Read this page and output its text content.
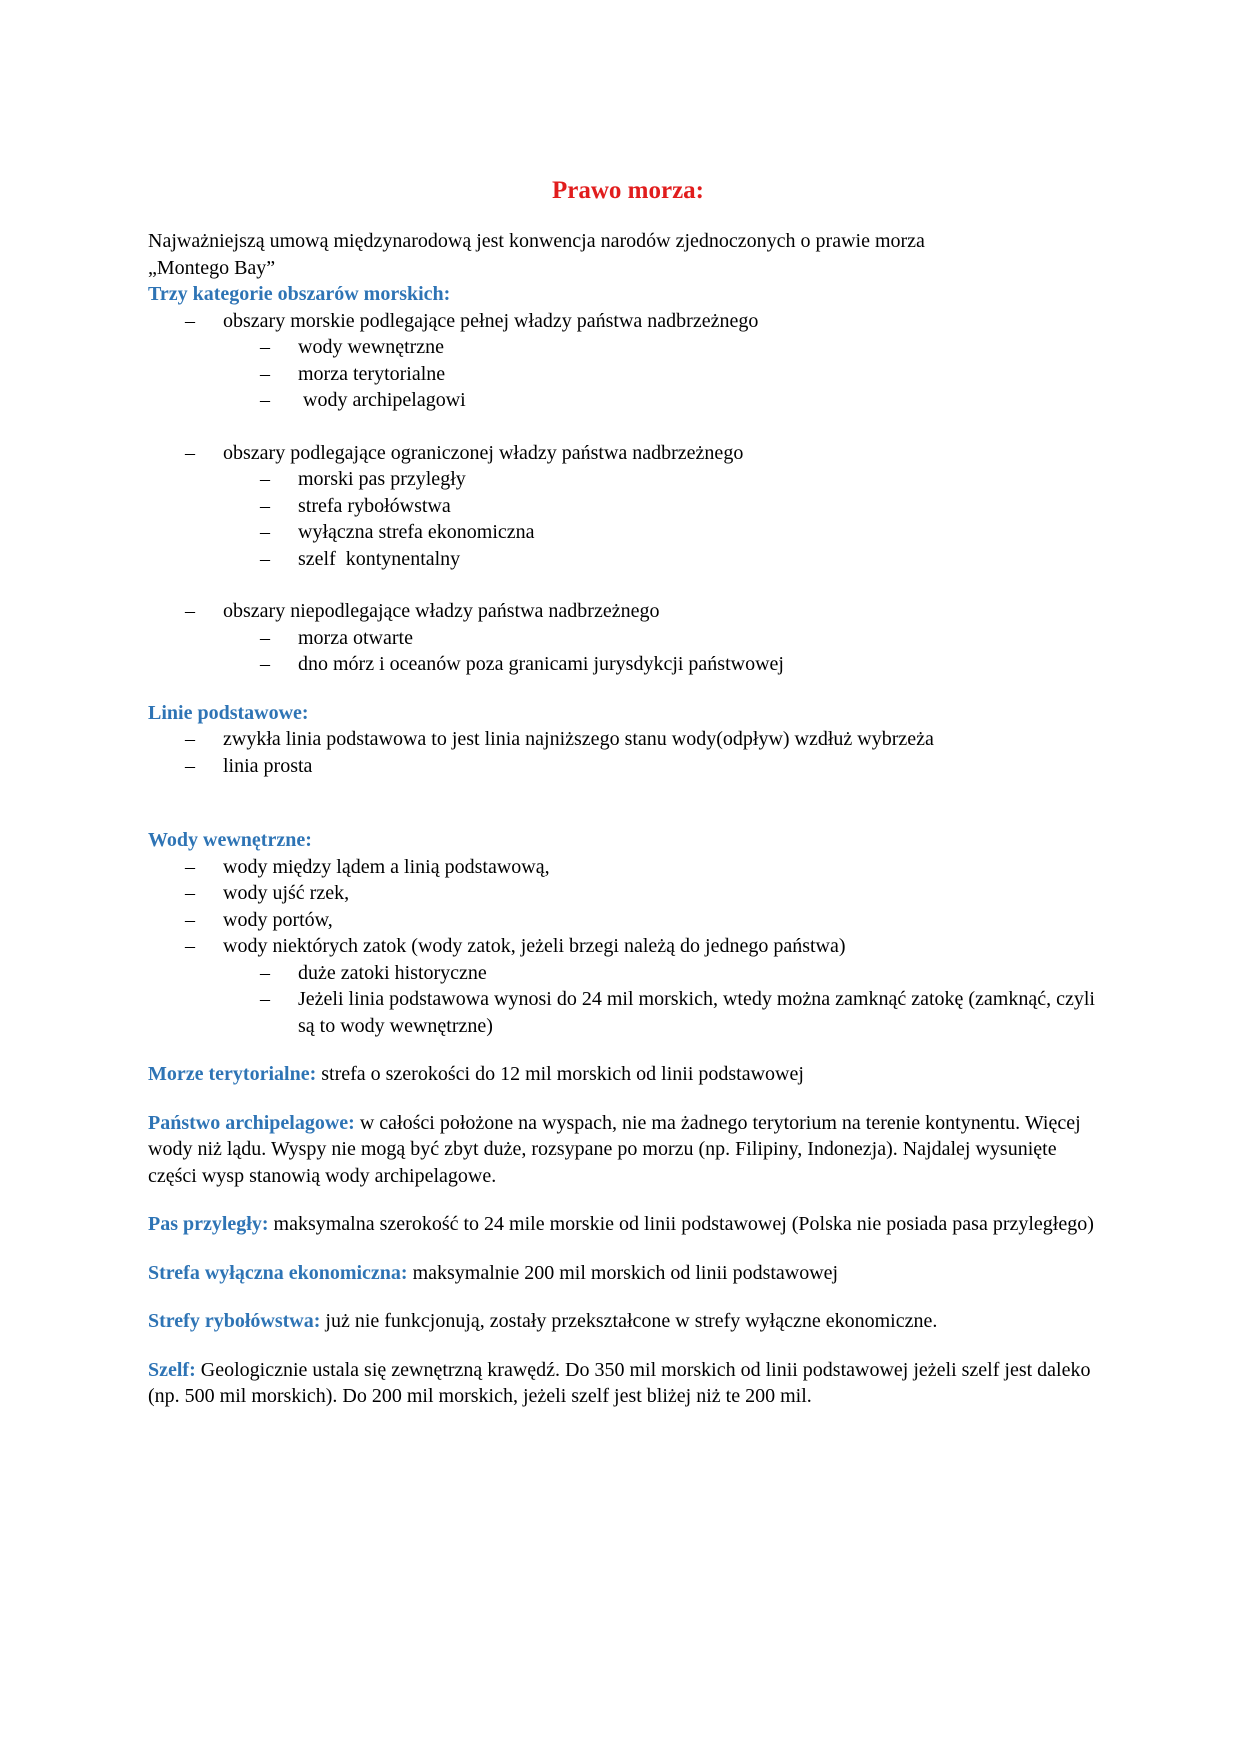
Prawo morza:

Najważniejszą umową międzynarodową jest konwencja narodów zjednoczonych o prawie morza

„Montego Bay”

Trzy kategorie obszarów morskich:

– obszary morskie podlegające pełnej władzy państwa nadbrzeżnego
– wody wewnętrzne
– morza terytorialne
– wody archipelagowi
– obszary podlegające ograniczonej władzy państwa nadbrzeżnego
– morski pas przyległy
– strefa rybołówstwa
– wyłączna strefa ekonomiczna
– szelf  kontynentalny
– obszary niepodlegające władzy państwa nadbrzeżnego
– morza otwarte
– dno mórz i oceanów poza granicami jurysdykcji państwowej

Linie podstawowe:

– zwykła linia podstawowa to jest linia najniższego stanu wody(odpływ) wzdłuż wybrzeża
– linia prosta

Wody wewnętrzne:

– wody między lądem a linią podstawową,
– wody ujść rzek,
– wody portów,
– wody niektórych zatok (wody zatok, jeżeli brzegi należą do jednego państwa)
– duże zatoki historyczne
– Jeżeli linia podstawowa wynosi do 24 mil morskich, wtedy można zamknąć zatokę (zamknąć, czyli są to wody wewnętrzne)

Morze terytorialne: strefa o szerokości do 12 mil morskich od linii podstawowej

Państwo archipelagowe: w całości położone na wyspach, nie ma żadnego terytorium na terenie kontynentu. Więcej wody niż lądu. Wyspy nie mogą być zbyt duże, rozsypane po morzu (np. Filipiny, Indonezja). Najdalej wysunięte części wysp stanowią wody archipelagowe.

Pas przyległy: maksymalna szerokość to 24 mile morskie od linii podstawowej (Polska nie posiada pasa przyległego)

Strefa wyłączna ekonomiczna: maksymalnie 200 mil morskich od linii podstawowej

Strefy rybołówstwa: już nie funkcjonują, zostały przekształcone w strefy wyłączne ekonomiczne.

Szelf: Geologicznie ustala się zewnętrzną krawędź. Do 350 mil morskich od linii podstawowej jeżeli szelf jest daleko (np. 500 mil morskich). Do 200 mil morskich, jeżeli szelf jest bliżej niż te 200 mil.
